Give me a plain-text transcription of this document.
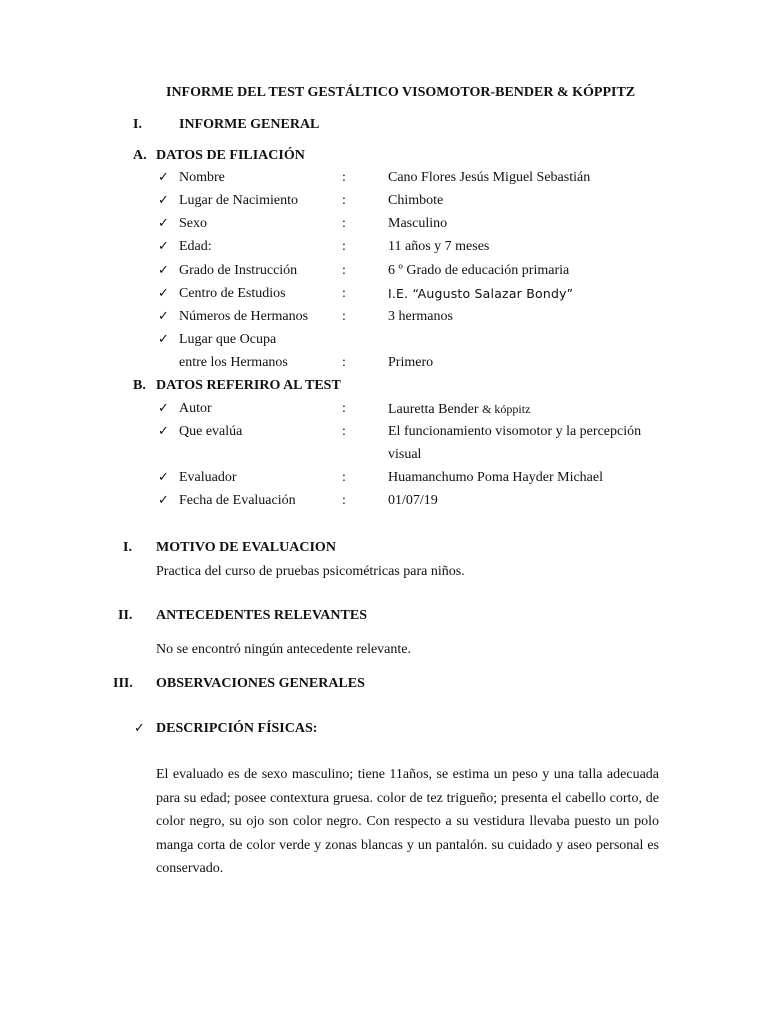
INFORME DEL TEST GESTÁLTICO VISOMOTOR-BENDER & KÓPPITZ
I.	INFORME GENERAL
A. DATOS DE FILIACIÓN
✓ Nombre	:	Cano Flores Jesús Miguel Sebastián
✓ Lugar de Nacimiento	:	Chimbote
✓ Sexo	:	Masculino
✓ Edad:	:	11 años y 7 meses
✓ Grado de Instrucción	:	6 º Grado de educación primaria
✓ Centro de Estudios	:	I.E. “Augusto Salazar Bondy”
✓ Números de Hermanos :	3 hermanos
✓ Lugar que Ocupa
entre los Hermanos	:	Primero
B. DATOS REFERIRO AL TEST
✓ Autor	:	Lauretta Bender & kóppitz
✓ Que evalúa	:	El funcionamiento visomotor y la percepción
visual
✓ Evaluador	:	Huamanchumo Poma Hayder Michael
✓ Fecha de Evaluación	:	01/07/19
I. MOTIVO DE EVALUACION
Practica del curso de pruebas psicométricas para niños.
II. ANTECEDENTES RELEVANTES
No se encontró ningún antecedente relevante.
III. OBSERVACIONES GENERALES
✓ DESCRIPCIÓN FÍSICAS:
El evaluado es de sexo masculino; tiene 11años, se estima un peso y una talla adecuada para su edad; posee contextura gruesa. color de tez trigueño; presenta el cabello corto, de color negro, su ojo son color negro. Con respecto a su vestidura llevaba puesto un polo manga corta de color verde y zonas blancas y un pantalón. su cuidado y aseo personal es conservado.
